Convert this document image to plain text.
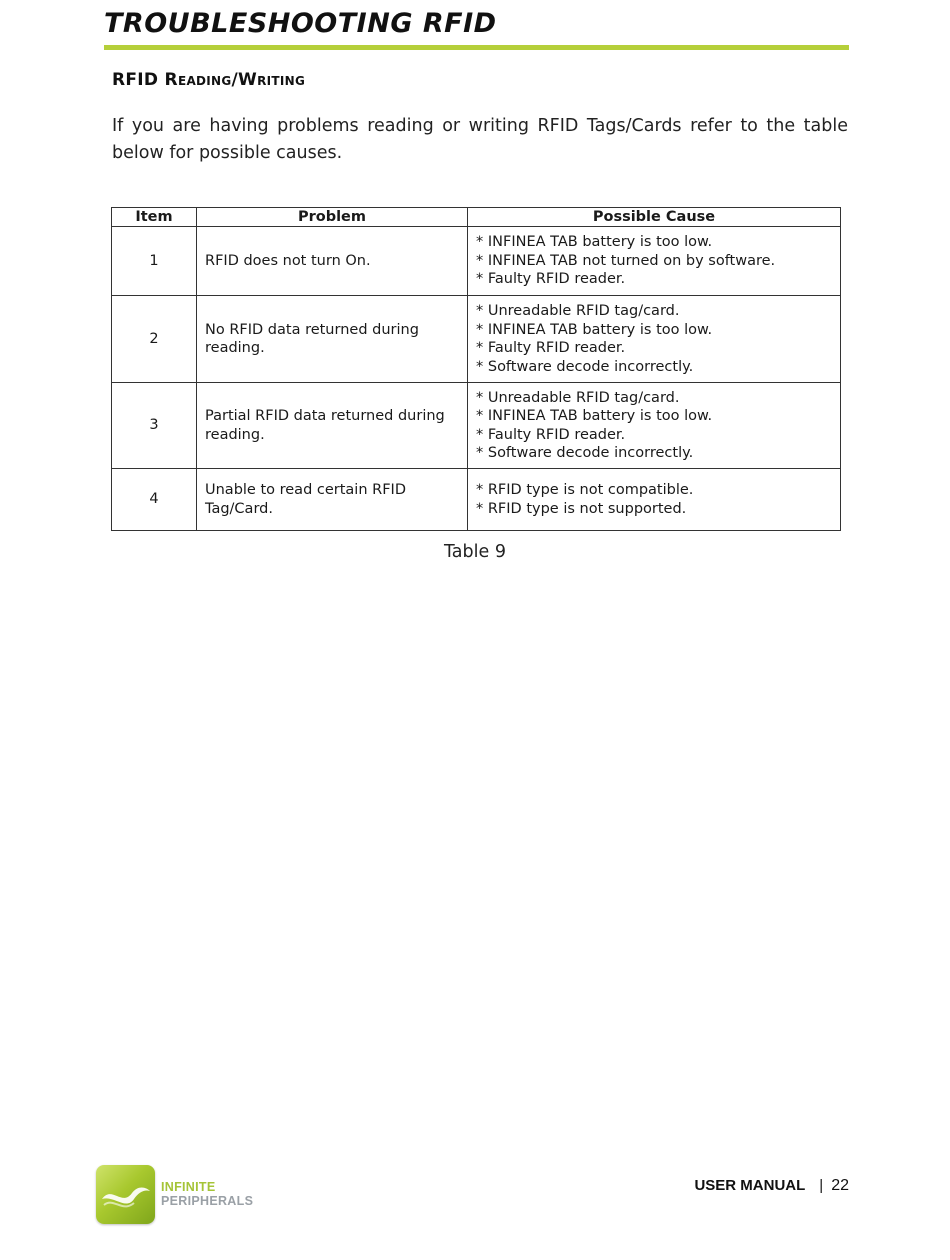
TROUBLESHOOTING RFID
RFID Reading/Writing
If you are having problems reading or writing RFID Tags/Cards refer to the table below for possible causes.
Item	Problem	Possible Cause
1	RFID does not turn On.	* INFINEA TAB battery is too low.
* INFINEA TAB not turned on by software.
* Faulty RFID reader.

2	No RFID data returned during reading.	* Unreadable RFID tag/card.
* INFINEA TAB battery is too low.
* Faulty RFID reader.
* Software decode incorrectly.

3	Partial RFID data returned during reading.	* Unreadable RFID tag/card.
* INFINEA TAB battery is too low.
* Faulty RFID reader.
* Software decode incorrectly.

4	Unable to read certain RFID Tag/Card.	* RFID type is not compatible.
* RFID type is not supported.
Table 9
INFINITE
PERIPHERALS
USER MANUAL | 22
